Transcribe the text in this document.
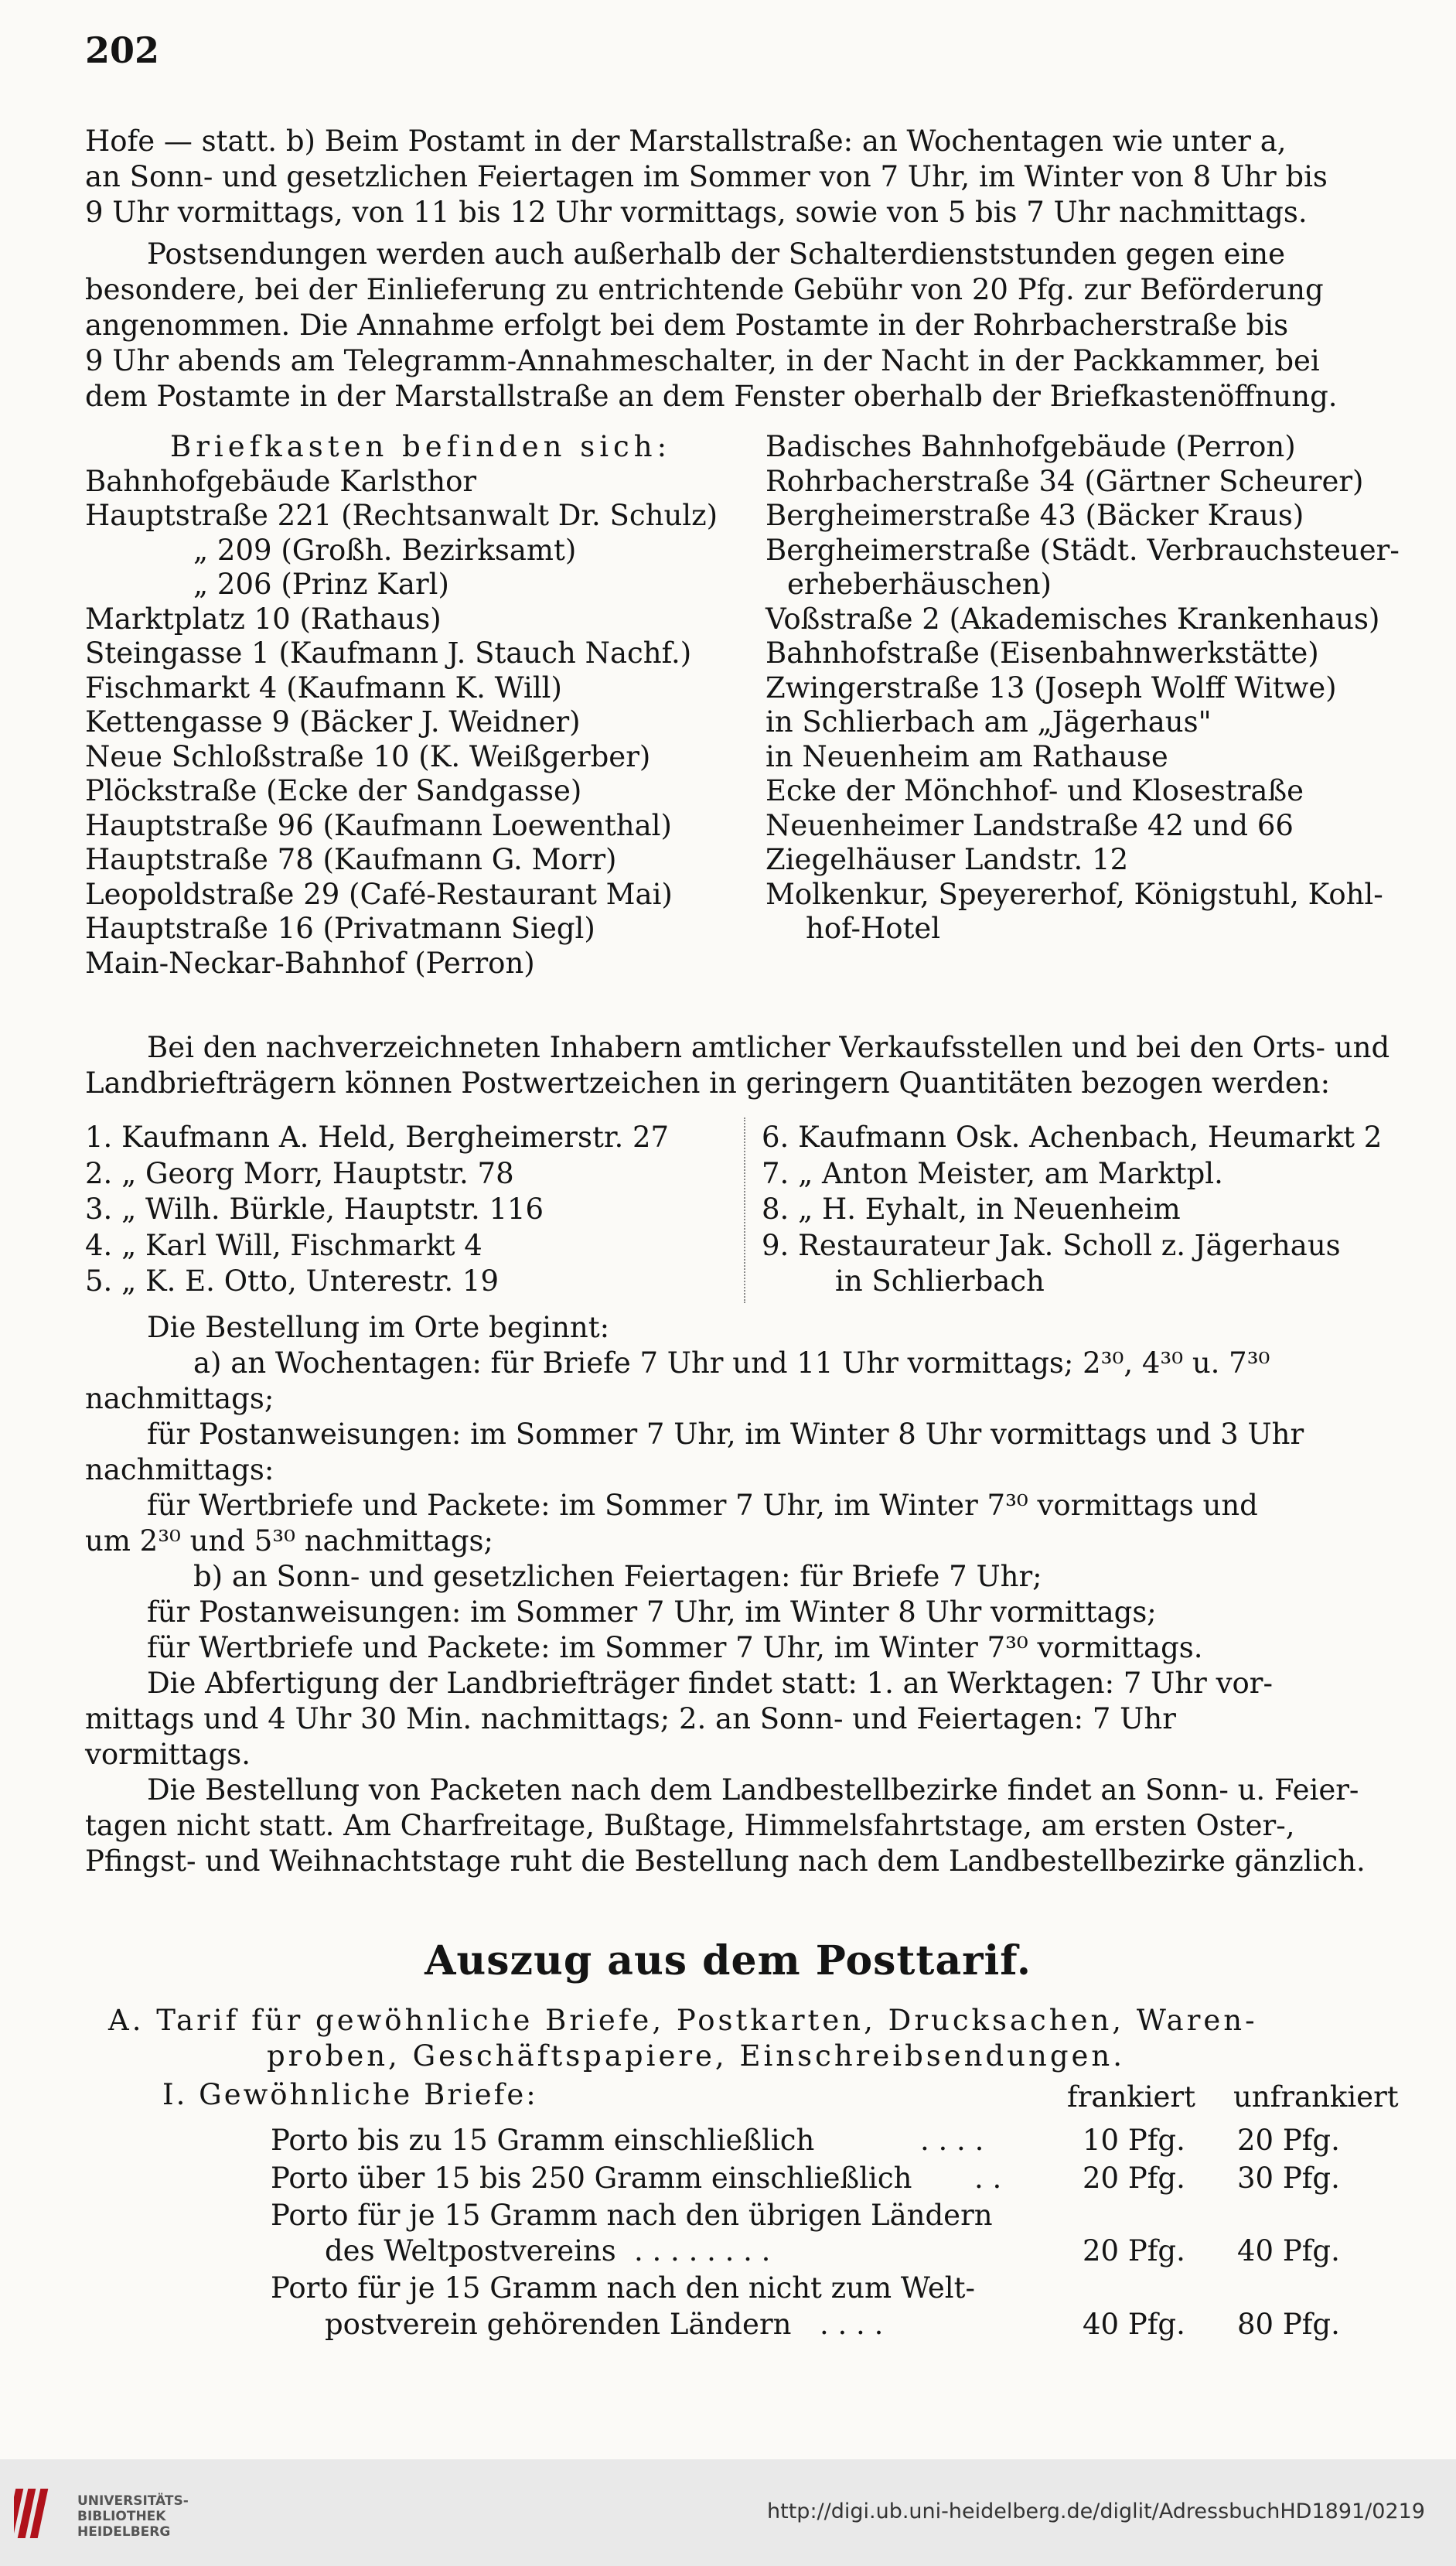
202
Hofe — statt. b) Beim Postamt in der Marstallstraße: an Wochentagen wie unter a,
an Sonn- und gesetzlichen Feiertagen im Sommer von 7 Uhr, im Winter von 8 Uhr bis
9 Uhr vormittags, von 11 bis 12 Uhr vormittags, sowie von 5 bis 7 Uhr nachmittags.
Postsendungen werden auch außerhalb der Schalterdienststunden gegen eine
besondere, bei der Einlieferung zu entrichtende Gebühr von 20 Pfg. zur Beförderung
angenommen. Die Annahme erfolgt bei dem Postamte in der Rohrbacherstraße bis
9 Uhr abends am Telegramm-Annahmeschalter, in der Nacht in der Packkammer, bei
dem Postamte in der Marstallstraße an dem Fenster oberhalb der Briefkastenöffnung.
Briefkasten befinden sich:
Bahnhofgebäude Karlsthor
Hauptstraße 221 (Rechtsanwalt Dr. Schulz)
„ 209 (Großh. Bezirksamt)
„ 206 (Prinz Karl)
Marktplatz 10 (Rathaus)
Steingasse 1 (Kaufmann J. Stauch Nachf.)
Fischmarkt 4 (Kaufmann K. Will)
Kettengasse 9 (Bäcker J. Weidner)
Neue Schloßstraße 10 (K. Weißgerber)
Plöckstraße (Ecke der Sandgasse)
Hauptstraße 96 (Kaufmann Loewenthal)
Hauptstraße 78 (Kaufmann G. Morr)
Leopoldstraße 29 (Café-Restaurant Mai)
Hauptstraße 16 (Privatmann Siegl)
Main-Neckar-Bahnhof (Perron)
Badisches Bahnhofgebäude (Perron)
Rohrbacherstraße 34 (Gärtner Scheurer)
Bergheimerstraße 43 (Bäcker Kraus)
Bergheimerstraße (Städt. Verbrauchsteuer-
erheberhäuschen)
Voßstraße 2 (Akademisches Krankenhaus)
Bahnhofstraße (Eisenbahnwerkstätte)
Zwingerstraße 13 (Joseph Wolff Witwe)
in Schlierbach am „Jägerhaus"
in Neuenheim am Rathause
Ecke der Mönchhof- und Klosestraße
Neuenheimer Landstraße 42 und 66
Ziegelhäuser Landstr. 12
Molkenkur, Speyererhof, Königstuhl, Kohl-
hof-Hotel
Bei den nachverzeichneten Inhabern amtlicher Verkaufsstellen und bei den Orts- und
Landbriefträgern können Postwertzeichen in geringern Quantitäten bezogen werden:
1. Kaufmann A. Held, Bergheimerstr. 27
2. „ Georg Morr, Hauptstr. 78
3. „ Wilh. Bürkle, Hauptstr. 116
4. „ Karl Will, Fischmarkt 4
5. „ K. E. Otto, Unterestr. 19
6. Kaufmann Osk. Achenbach, Heumarkt 2
7. „ Anton Meister, am Marktpl.
8. „ H. Eyhalt, in Neuenheim
9. Restaurateur Jak. Scholl z. Jägerhaus
in Schlierbach
Die Bestellung im Orte beginnt:
a) an Wochentagen: für Briefe 7 Uhr und 11 Uhr vormittags; 2³⁰, 4³⁰ u. 7³⁰
nachmittags;
für Postanweisungen: im Sommer 7 Uhr, im Winter 8 Uhr vormittags und 3 Uhr
nachmittags:
für Wertbriefe und Packete: im Sommer 7 Uhr, im Winter 7³⁰ vormittags und
um 2³⁰ und 5³⁰ nachmittags;
b) an Sonn- und gesetzlichen Feiertagen: für Briefe 7 Uhr;
für Postanweisungen: im Sommer 7 Uhr, im Winter 8 Uhr vormittags;
für Wertbriefe und Packete: im Sommer 7 Uhr, im Winter 7³⁰ vormittags.
Die Abfertigung der Landbriefträger findet statt: 1. an Werktagen: 7 Uhr vor-
mittags und 4 Uhr 30 Min. nachmittags; 2. an Sonn- und Feiertagen: 7 Uhr
vormittags.
Die Bestellung von Packeten nach dem Landbestellbezirke findet an Sonn- u. Feier-
tagen nicht statt. Am Charfreitage, Bußtage, Himmelsfahrtstage, am ersten Oster-,
Pfingst- und Weihnachtstage ruht die Bestellung nach dem Landbestellbezirke gänzlich.
Auszug aus dem Posttarif.
A. Tarif für gewöhnliche Briefe, Postkarten, Drucksachen, Waren-
proben, Geschäftspapiere, Einschreibsendungen.
I. Gewöhnliche Briefe:	frankiert unfrankiert
Porto bis zu 15 Gramm einschließlich	. . . .	10 Pfg. 20 Pfg.
Porto über 15 bis 250 Gramm einschließlich . .	20 Pfg. 30 Pfg.
Porto für je 15 Gramm nach den übrigen Ländern
des Weltpostvereins . . . . . . . .	20 Pfg. 40 Pfg.
Porto für je 15 Gramm nach den nicht zum Welt-
postverein gehörenden Ländern . . . .	40 Pfg. 80 Pfg.
UNIVERSITÄTS-
BIBLIOTHEK
HEIDELBERG
http://digi.ub.uni-heidelberg.de/diglit/AdressbuchHD1891/0219
